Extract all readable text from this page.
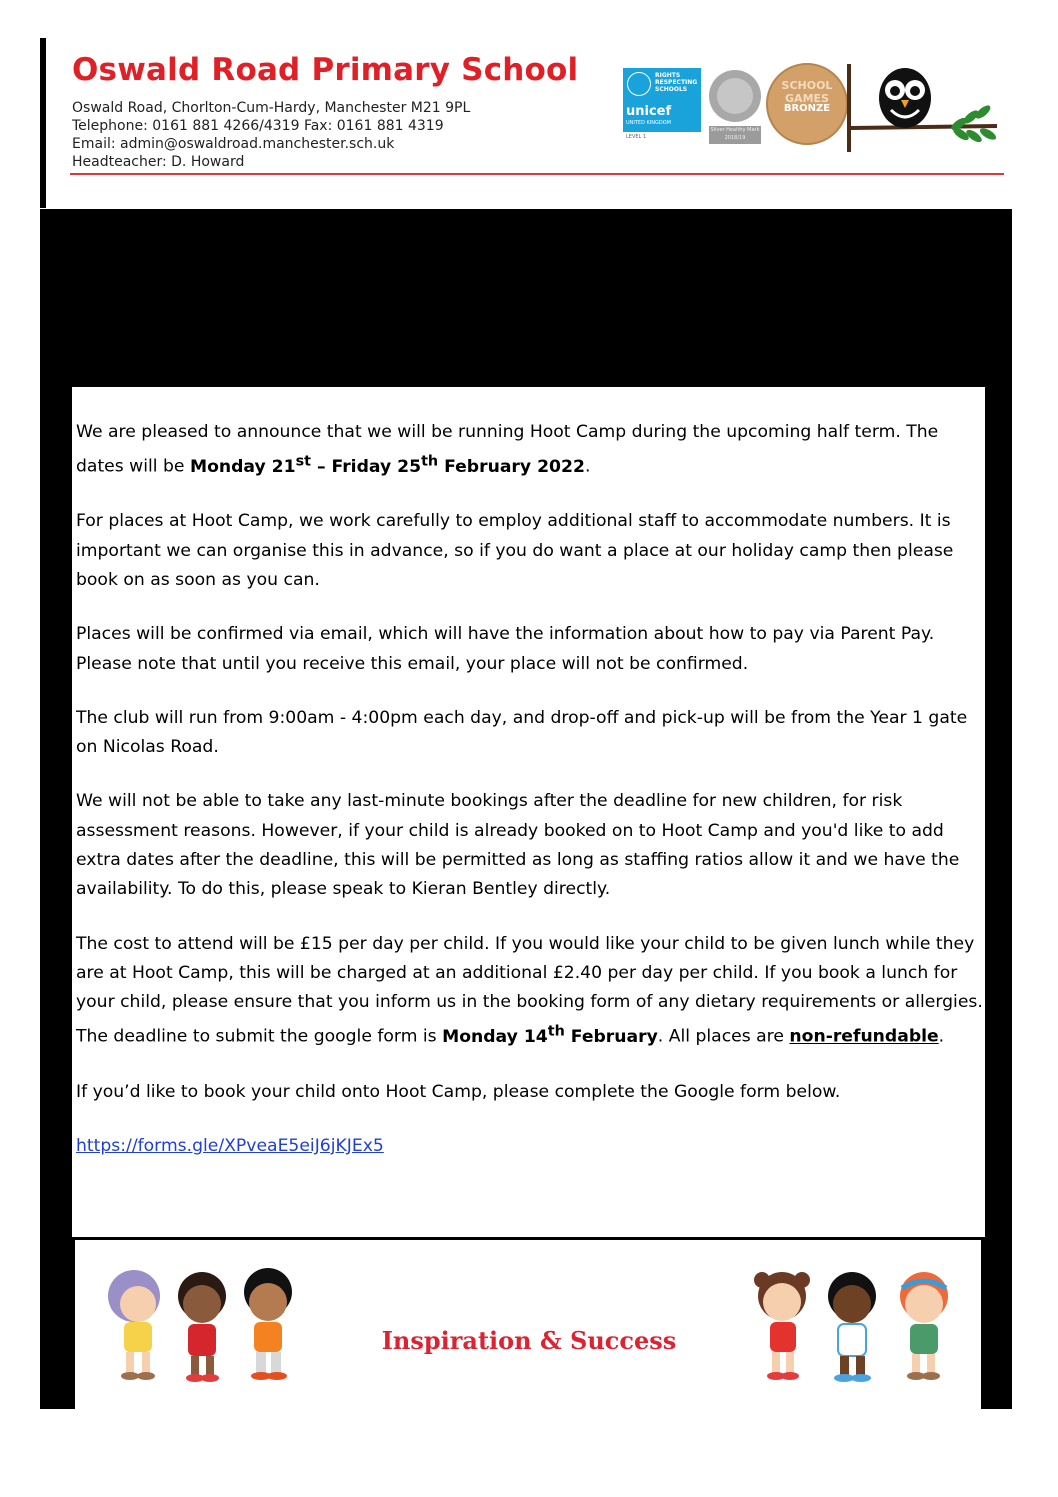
Oswald Road Primary School
Oswald Road, Chorlton-Cum-Hardy, Manchester M21 9PL
Telephone: 0161 881 4266/4319 Fax: 0161 881 4319
Email: admin@oswaldroad.manchester.sch.uk
Headteacher: D. Howard
RIGHTS RESPECTING SCHOOLS
unicef
UNITED KINGDOM
LEVEL 1
Silver Healthy Mark 2018/19
SCHOOL GAMES
BRONZE

We are pleased to announce that we will be running Hoot Camp during the upcoming half term. The dates will be Monday 21st – Friday 25th February 2022.

For places at Hoot Camp, we work carefully to employ additional staff to accommodate numbers. It is important we can organise this in advance, so if you do want a place at our holiday camp then please book on as soon as you can.

Places will be confirmed via email, which will have the information about how to pay via Parent Pay. Please note that until you receive this email, your place will not be confirmed.

The club will run from 9:00am - 4:00pm each day, and drop-off and pick-up will be from the Year 1 gate on Nicolas Road.

We will not be able to take any last-minute bookings after the deadline for new children, for risk assessment reasons. However, if your child is already booked on to Hoot Camp and you'd like to add extra dates after the deadline, this will be permitted as long as staffing ratios allow it and we have the availability. To do this, please speak to Kieran Bentley directly.

The cost to attend will be £15 per day per child. If you would like your child to be given lunch while they are at Hoot Camp, this will be charged at an additional £2.40 per day per child. If you book a lunch for your child, please ensure that you inform us in the booking form of any dietary requirements or allergies. The deadline to submit the google form is Monday 14th February. All places are non-refundable.

If you’d like to book your child onto Hoot Camp, please complete the Google form below.

https://forms.gle/XPveaE5eiJ6jKJEx5

Inspiration & Success
